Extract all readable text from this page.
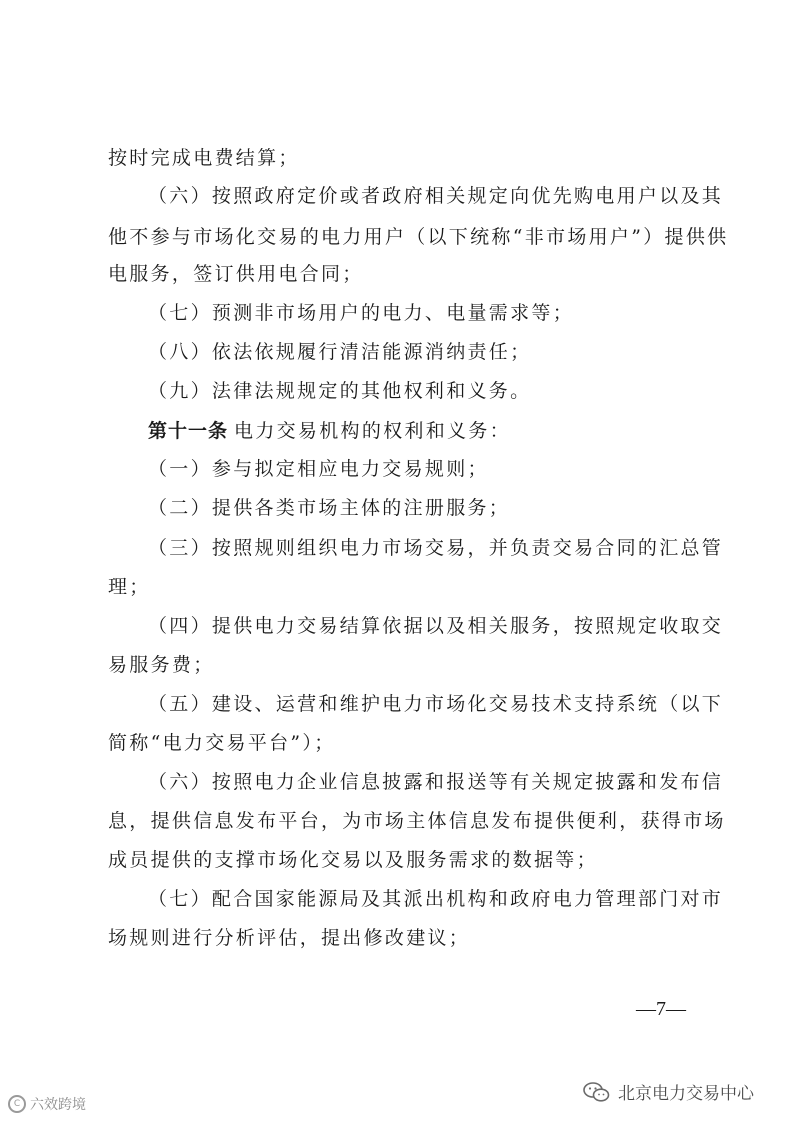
按时完成电费结算；
（六）按照政府定价或者政府相关规定向优先购电用户以及其
他不参与市场化交易的电力用户（以下统称“非市场用户”）提供供
电服务，签订供用电合同；
（七）预测非市场用户的电力、电量需求等；
（八）依法依规履行清洁能源消纳责任；
（九）法律法规规定的其他权利和义务。
第十一条 电力交易机构的权利和义务：
（一）参与拟定相应电力交易规则；
（二）提供各类市场主体的注册服务；
（三）按照规则组织电力市场交易，并负责交易合同的汇总管
理；
（四）提供电力交易结算依据以及相关服务，按照规定收取交
易服务费；
（五）建设、运营和维护电力市场化交易技术支持系统（以下
简称“电力交易平台”）；
（六）按照电力企业信息披露和报送等有关规定披露和发布信
息，提供信息发布平台，为市场主体信息发布提供便利，获得市场
成员提供的支撑市场化交易以及服务需求的数据等；
（七）配合国家能源局及其派出机构和政府电力管理部门对市
场规则进行分析评估，提出修改建议；
—7—
C 六效跨境
北京电力交易中心
